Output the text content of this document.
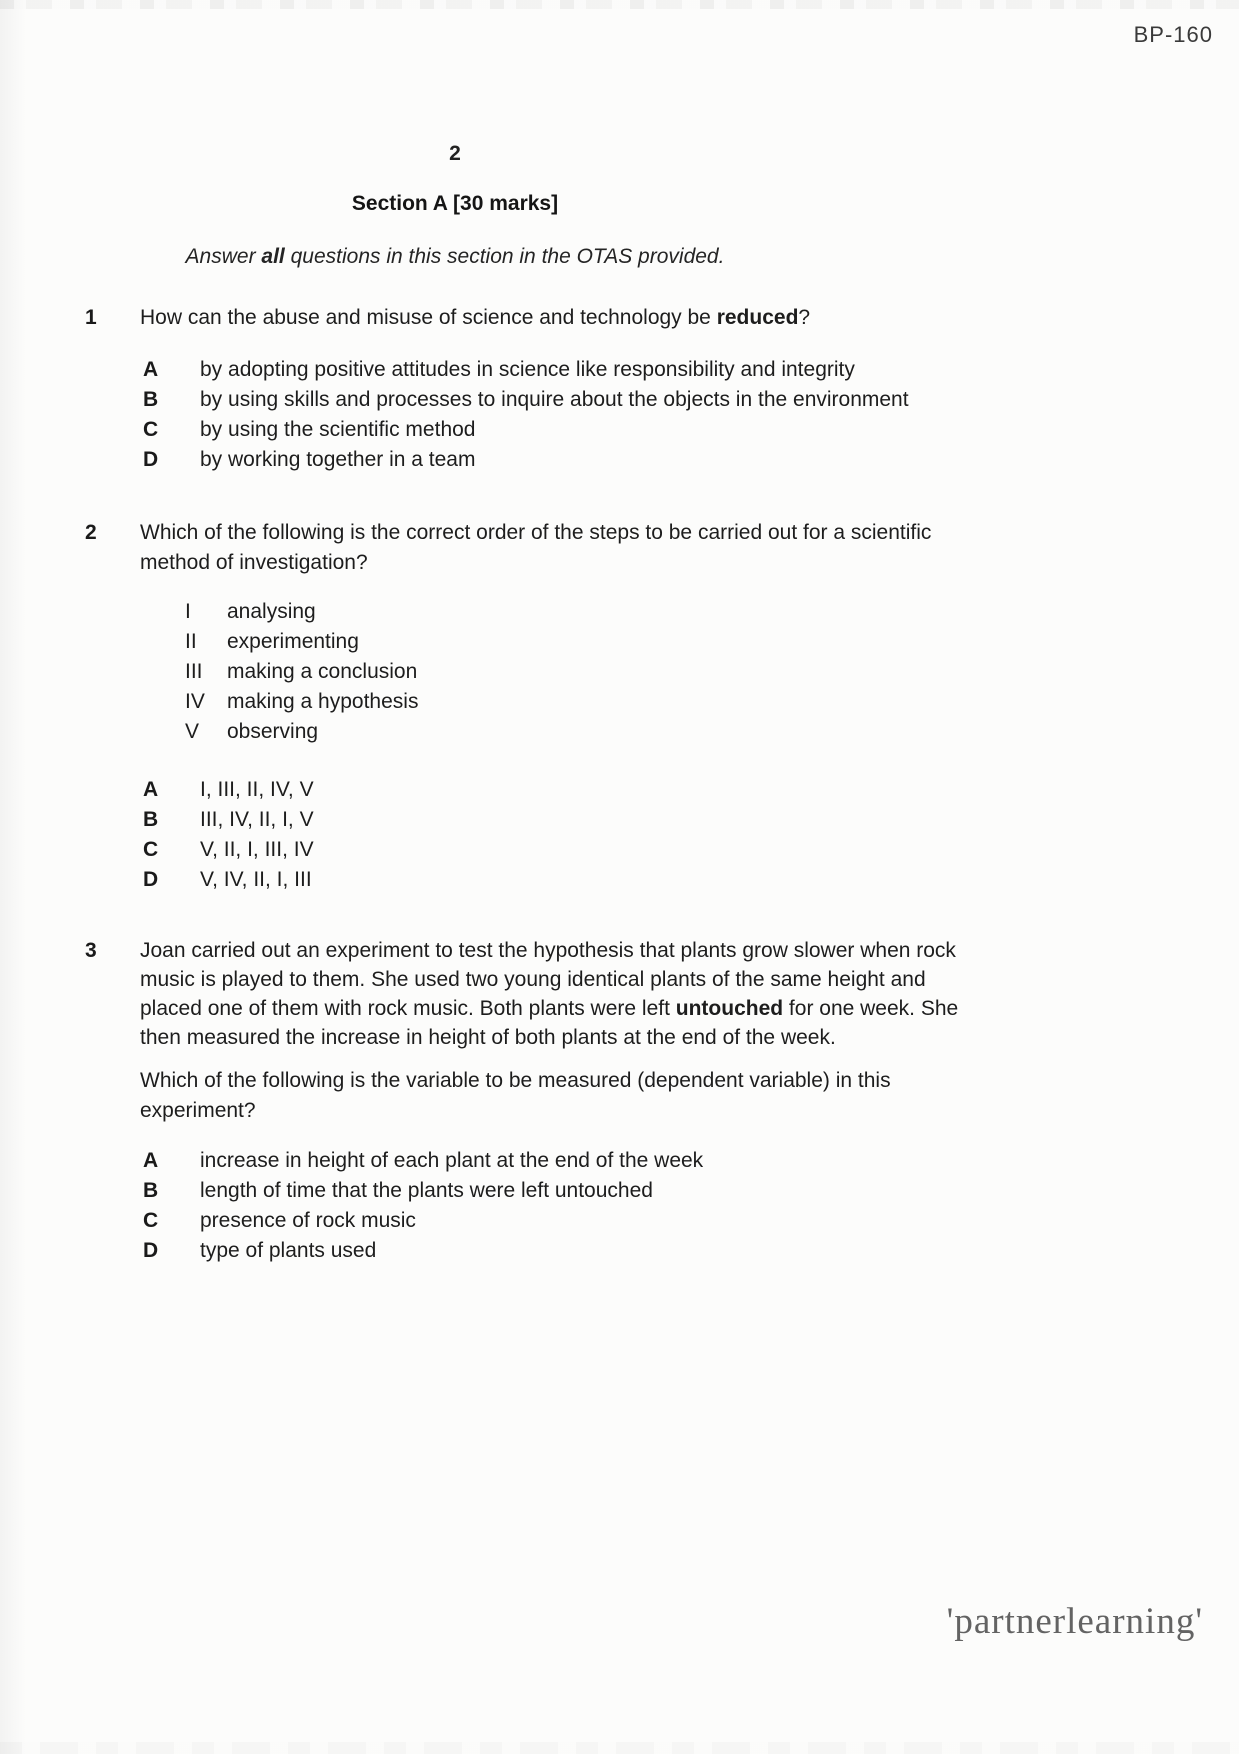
BP-160
2
Section A [30 marks]
Answer all questions in this section in the OTAS provided.
1	How can the abuse and misuse of science and technology be reduced?
A	by adopting positive attitudes in science like responsibility and integrity
B	by using skills and processes to inquire about the objects in the environment
C	by using the scientific method
D	by working together in a team
2	Which of the following is the correct order of the steps to be carried out for a scientific
method of investigation?
I	analysing
II	experimenting
III	making a conclusion
IV	making a hypothesis
V	observing
A	I, III, II, IV, V
B	III, IV, II, I, V
C	V, II, I, III, IV
D	V, IV, II, I, III
3	Joan carried out an experiment to test the hypothesis that plants grow slower when rock
music is played to them. She used two young identical plants of the same height and
placed one of them with rock music. Both plants were left untouched for one week. She
then measured the increase in height of both plants at the end of the week.
Which of the following is the variable to be measured (dependent variable) in this
experiment?
A	increase in height of each plant at the end of the week
B	length of time that the plants were left untouched
C	presence of rock music
D	type of plants used
'partnerlearning'
